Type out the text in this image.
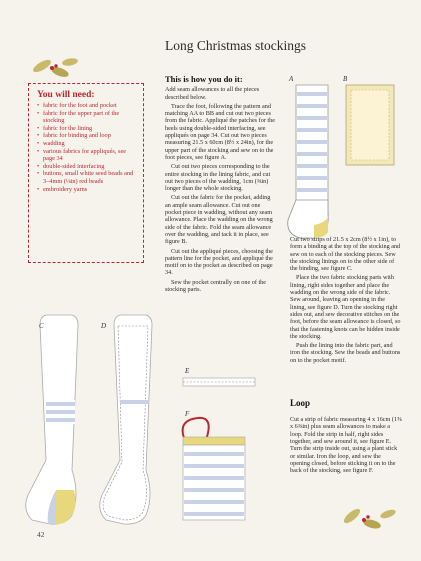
Long Christmas stockings
You will need:
• fabric for the foot and pocket
• fabric for the upper part of the stocking
• fabric for the lining
• fabric for binding and loop
• wadding
• various fabrics for appliqués, see page 34
• double-sided interfacing
• buttons, small white seed beads and 3–4mm (⅛in) red beads
• embroidery yarns
This is how you do it:

Add seam allowances to all the pieces described below.

Trace the foot, following the pattern and matching AA to BB and cut out two pieces from the fabric. Appliqué the patches for the heels using double-sided interfacing, see appliqués on page 34. Cut out two pieces measuring 21.5 x 60cm (8½ x 24in), for the upper part of the stocking and sew on to the foot pieces, see figure A.

Cut out two pieces corresponding to the entire stocking in the lining fabric, and cut out two pieces of the wadding, 1cm (⅜in) longer than the whole stocking.

Cut out the fabric for the pocket, adding an ample seam allowance. Cut out one pocket piece in wadding, without any seam allowance. Place the wadding on the wrong side of the fabric. Fold the seam allowance over the wadding, and tack it in place, see figure B.

Cut out the appliqué pieces, choosing the pattern line for the pocket, and appliqué the motif on to the pocket as described on page 34.

Sew the pocket centrally on one of the stocking parts.

Cut two strips of 21.5 x 2cm (8½ x 1in), to form a binding at the top of the stocking and sew on to each of the stocking pieces. Sew the stocking linings on to the other side of the binding, see figure C.

Place the two fabric stocking parts with lining, right sides together and place the wadding on the wrong side of the fabric. Sew around, leaving an opening in the lining, see figure D. Turn the stocking right sides out, and sew decorative stitches on the foot, before the seam allowance is closed, so that the fastening knots can be hidden inside the stocking.

Push the lining into the fabric part, and iron the stocking. Sew the beads and buttons on to the pocket motif.

Loop

Cut a strip of fabric measuring 4 x 16cm (1⅝ x 6⅜in) plus seam allowances to make a loop. Fold the strip in half, right sides together, and sew around it, see figure E. Turn the strip inside out, using a plant stick or similar. Iron the loop, and sew the opening closed, before sticking it on to the back of the stocking, see figure F.

A	B
C	D
E
F
42
